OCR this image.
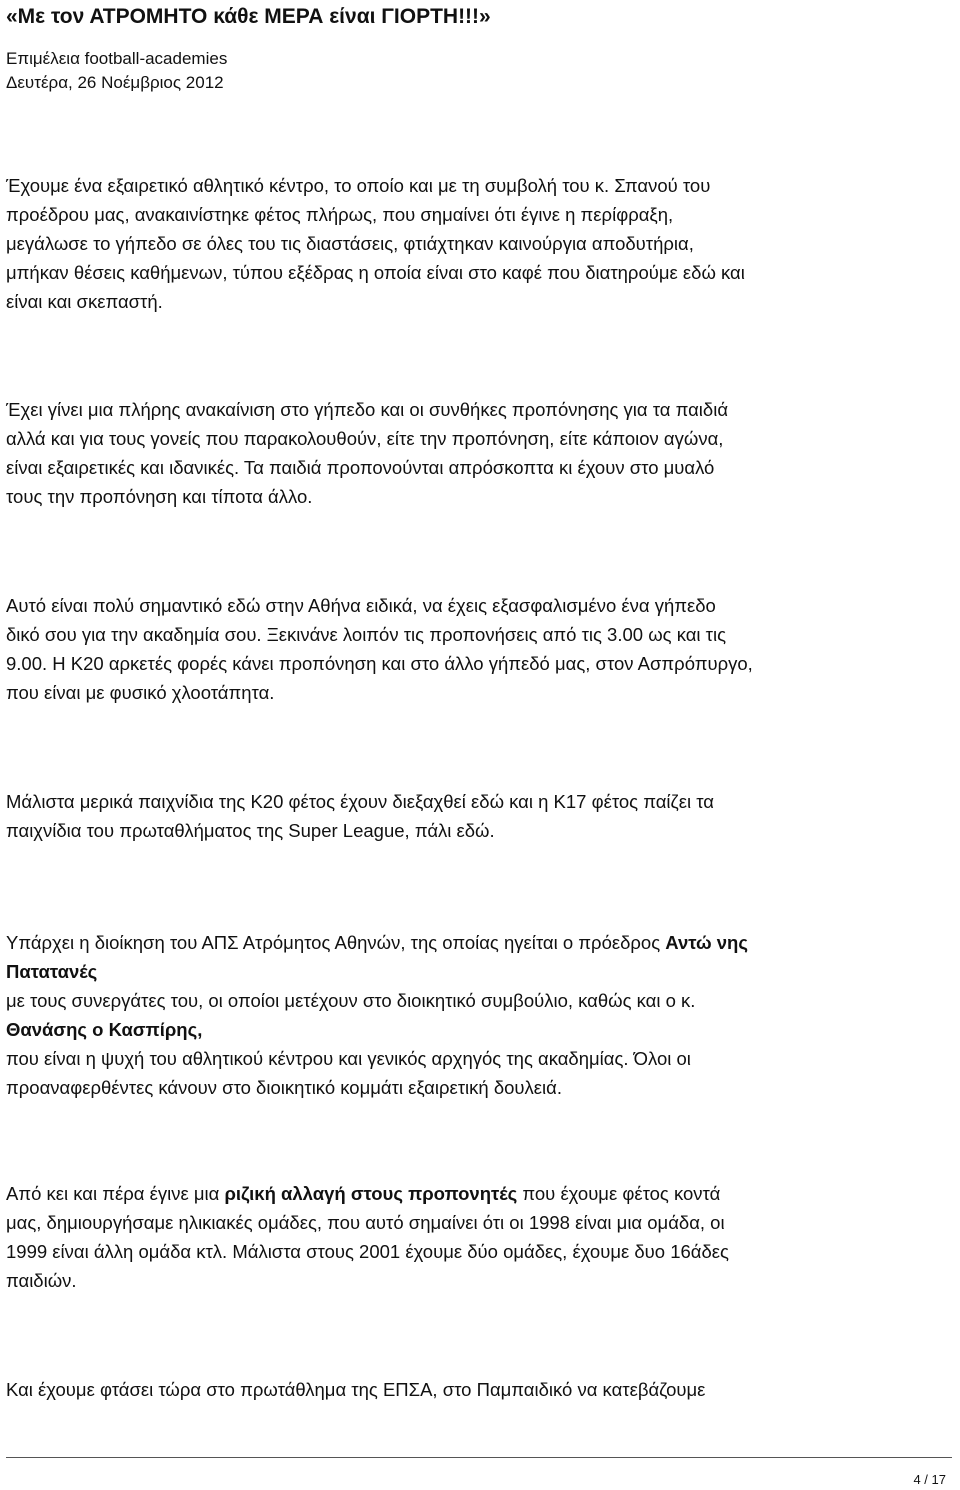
«Με τον ΑΤΡΟΜΗΤΟ κάθε ΜΕΡΑ είναι ΓΙΟΡΤΗ!!!»
Επιμέλεια football-academies
Δευτέρα, 26 Νοέμβριος 2012
Έχουμε ένα εξαιρετικό αθλητικό κέντρο, το οποίο και με τη συμβολή του κ. Σπανού του
προέδρου μας, ανακαινίστηκε φέτος πλήρως, που σημαίνει ότι έγινε η περίφραξη,
μεγάλωσε το γήπεδο σε όλες του τις διαστάσεις, φτιάχτηκαν καινούργια αποδυτήρια,
μπήκαν θέσεις καθήμενων, τύπου εξέδρας η οποία είναι στο καφέ που διατηρούμε εδώ και
είναι και σκεπαστή.
Έχει γίνει μια πλήρης ανακαίνιση στο γήπεδο και οι συνθήκες προπόνησης για τα παιδιά
αλλά και για τους γονείς που παρακολουθούν, είτε την προπόνηση, είτε κάποιον αγώνα,
είναι εξαιρετικές και ιδανικές. Τα παιδιά προπονούνται απρόσκοπτα κι έχουν στο μυαλό
τους την προπόνηση και τίποτα άλλο.
Αυτό είναι πολύ σημαντικό εδώ στην Αθήνα ειδικά, να έχεις εξασφαλισμένο ένα γήπεδο
δικό σου για την ακαδημία σου. Ξεκινάνε λοιπόν τις προπονήσεις από τις 3.00 ως και τις
9.00. Η Κ20 αρκετές φορές κάνει προπόνηση και στο άλλο γήπεδό μας, στον Ασπρόπυργο,
που είναι με φυσικό χλοοτάπητα.
Μάλιστα μερικά παιχνίδια της Κ20 φέτος έχουν διεξαχθεί εδώ και η Κ17 φέτος παίζει τα
παιχνίδια του πρωταθλήματος της Super League, πάλι εδώ.
Υπάρχει η διοίκηση του ΑΠΣ Ατρόμητος Αθηνών, της οποίας ηγείται ο πρόεδρος Αντώ νης
Πατατανές
με τους συνεργάτες του, οι οποίοι μετέχουν στο διοικητικό συμβούλιο, καθώς και ο κ.
Θανάσης ο Κασπίρης,
που είναι η ψυχή του αθλητικού κέντρου και γενικός αρχηγός της ακαδημίας. Όλοι οι
προαναφερθέντες κάνουν στο διοικητικό κομμάτι εξαιρετική δουλειά.
Από κει και πέρα έγινε μια ριζική αλλαγή στους προπονητές που έχουμε φέτος κοντά
μας, δημιουργήσαμε ηλικιακές ομάδες, που αυτό σημαίνει ότι οι 1998 είναι μια ομάδα, οι
1999 είναι άλλη ομάδα κτλ. Μάλιστα στους 2001 έχουμε δύο ομάδες, έχουμε δυο 16άδες
παιδιών.
Και έχουμε φτάσει τώρα στο πρωτάθλημα της ΕΠΣΑ, στο Παμπαιδικό να κατεβάζουμε
4 / 17
